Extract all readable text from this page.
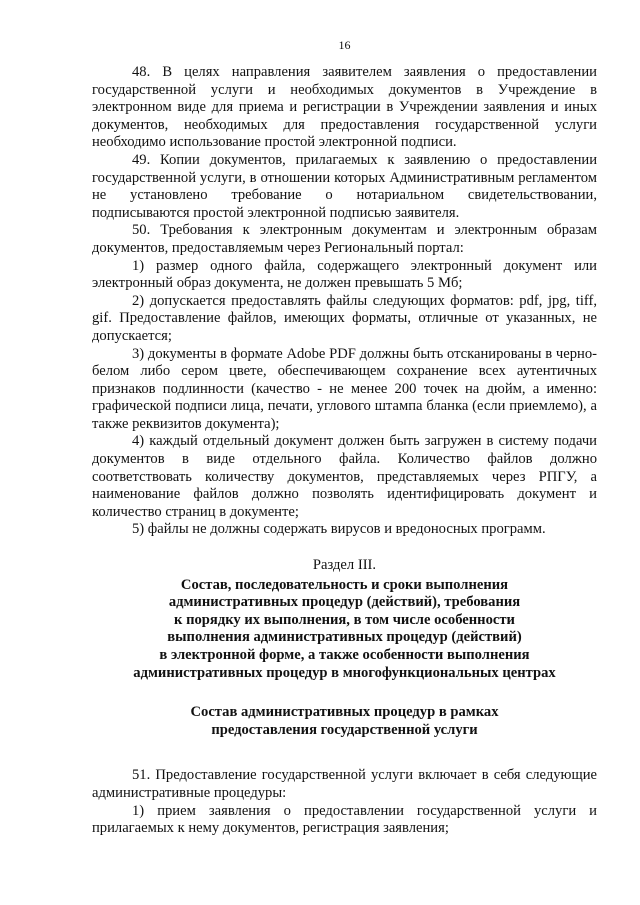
16

48. В целях направления заявителем заявления о предоставлении государственной услуги и необходимых документов в Учреждение в электронном виде для приема и регистрации в Учреждении заявления и иных документов, необходимых для предоставления государственной услуги необходимо использование простой электронной подписи.

49. Копии документов, прилагаемых к заявлению о предоставлении государственной услуги, в отношении которых Административным регламентом не установлено требование о нотариальном свидетельствовании, подписываются простой электронной подписью заявителя.

50. Требования к электронным документам и электронным образам документов, предоставляемым через Региональный портал:

1) размер одного файла, содержащего электронный документ или электронный образ документа, не должен превышать 5 Мб;

2) допускается предоставлять файлы следующих форматов: pdf, jpg, tiff, gif. Предоставление файлов, имеющих форматы, отличные от указанных, не допускается;

3) документы в формате Adobe PDF должны быть отсканированы в черно-белом либо сером цвете, обеспечивающем сохранение всех аутентичных признаков подлинности (качество - не менее 200 точек на дюйм, а именно: графической подписи лица, печати, углового штампа бланка (если приемлемо), а также реквизитов документа);

4) каждый отдельный документ должен быть загружен в систему подачи документов в виде отдельного файла. Количество файлов должно соответствовать количеству документов, представляемых через РПГУ, а наименование файлов должно позволять идентифицировать документ и количество страниц в документе;

5) файлы не должны содержать вирусов и вредоносных программ.

Раздел III.

Состав, последовательность и сроки выполнения

административных процедур (действий), требования

к порядку их выполнения, в том числе особенности

выполнения административных процедур (действий)

в электронной форме, а также особенности выполнения

административных процедур в многофункциональных центрах

Состав административных процедур в рамках

предоставления государственной услуги

51. Предоставление государственной услуги включает в себя следующие административные процедуры:

1) прием заявления о предоставлении государственной услуги и прилагаемых к нему документов, регистрация заявления;
